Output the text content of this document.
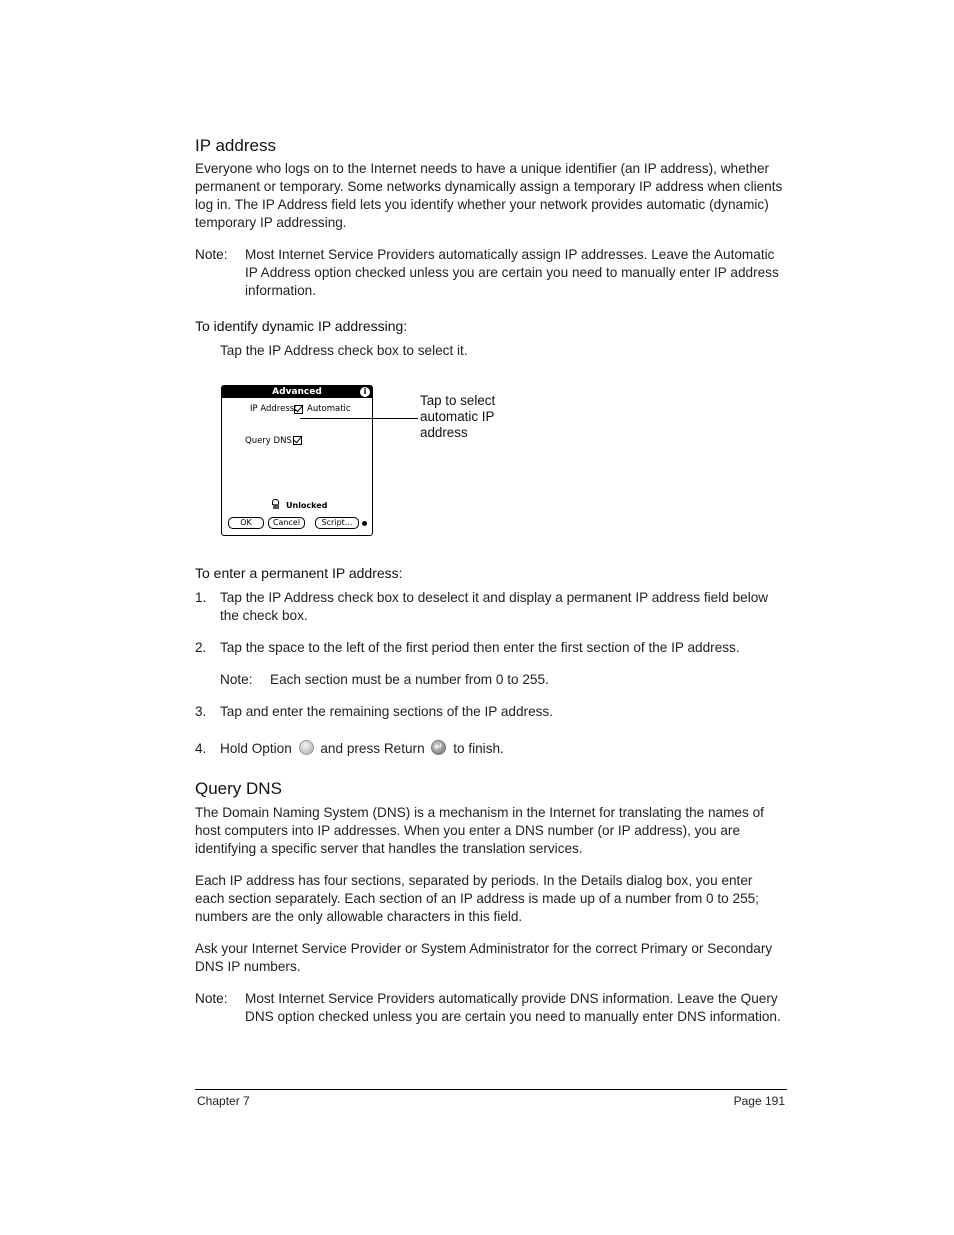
IP address
Everyone who logs on to the Internet needs to have a unique identifier (an IP address), whether permanent or temporary. Some networks dynamically assign a temporary IP address when clients log in. The IP Address field lets you identify whether your network provides automatic (dynamic) temporary IP addressing.
Note: Most Internet Service Providers automatically assign IP addresses. Leave the Automatic IP Address option checked unless you are certain you need to manually enter IP address information.
To identify dynamic IP addressing:
Tap the IP Address check box to select it.
Advanced	i
IP Address: Automatic
Query DNS:
Unlocked
OK	Cancel	Script...
Tap to select automatic IP address
To enter a permanent IP address:
1. Tap the IP Address check box to deselect it and display a permanent IP address field below the check box.
2. Tap the space to the left of the first period then enter the first section of the IP address.
Note: Each section must be a number from 0 to 255.
3. Tap and enter the remaining sections of the IP address.
4. Hold Option and press Return ↵ to finish.
Query DNS
The Domain Naming System (DNS) is a mechanism in the Internet for translating the names of host computers into IP addresses. When you enter a DNS number (or IP address), you are identifying a specific server that handles the translation services.
Each IP address has four sections, separated by periods. In the Details dialog box, you enter each section separately. Each section of an IP address is made up of a number from 0 to 255; numbers are the only allowable characters in this field.
Ask your Internet Service Provider or System Administrator for the correct Primary or Secondary DNS IP numbers.
Note: Most Internet Service Providers automatically provide DNS information. Leave the Query DNS option checked unless you are certain you need to manually enter DNS information.
Chapter 7	Page 191
